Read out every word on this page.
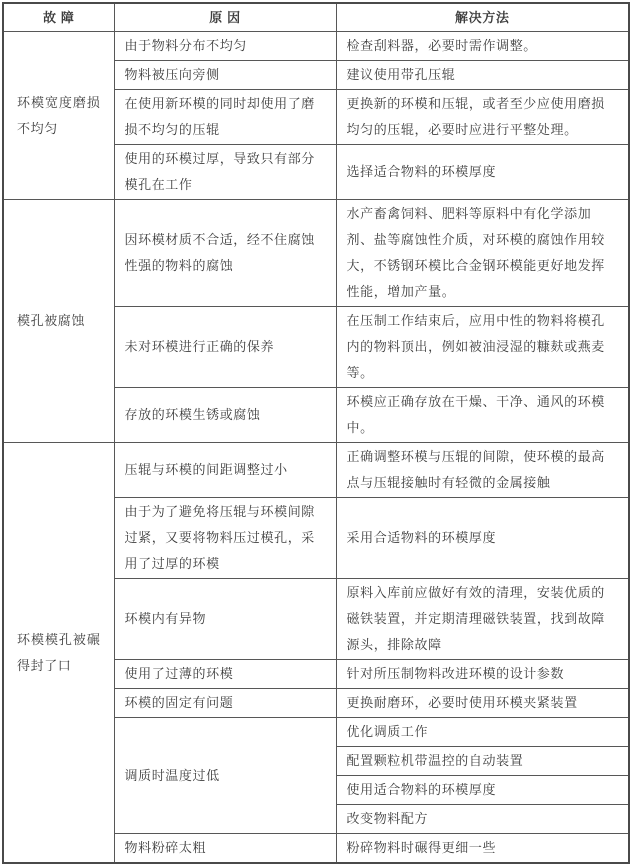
故 障	原 因	解决方法
环模宽度磨损不均匀	由于物料分布不均匀	检查刮料器，必要时需作调整。
	物料被压向旁侧	建议使用带孔压辊
	在使用新环模的同时却使用了磨损不均匀的压辊	更换新的环模和压辊，或者至少应使用磨损均匀的压辊，必要时应进行平整处理。
	使用的环模过厚，导致只有部分模孔在工作	选择适合物料的环模厚度
模孔被腐蚀	因环模材质不合适，经不住腐蚀性强的物料的腐蚀	水产畜禽饲料、肥料等原料中有化学添加剂、盐等腐蚀性介质，对环模的腐蚀作用较大，不锈钢环模比合金钢环模能更好地发挥性能，增加产量。
	未对环模进行正确的保养	在压制工作结束后，应用中性的物料将模孔内的物料顶出，例如被油浸湿的糠麸或燕麦等。
	存放的环模生锈或腐蚀	环模应正确存放在干燥、干净、通风的环模中。
环模模孔被碾得封了口	压辊与环模的间距调整过小	正确调整环模与压辊的间隙，使环模的最高点与压辊接触时有轻微的金属接触
	由于为了避免将压辊与环模间隙过紧，又要将物料压过模孔，采用了过厚的环模	采用合适物料的环模厚度
	环模内有异物	原料入库前应做好有效的清理，安装优质的磁铁装置，并定期清理磁铁装置，找到故障源头，排除故障
	使用了过薄的环模	针对所压制物料改进环模的设计参数
	环模的固定有问题	更换耐磨环，必要时使用环模夹紧装置
	调质时温度过低	优化调质工作
		配置颗粒机带温控的自动装置
		使用适合物料的环模厚度
		改变物料配方
	物料粉碎太粗	粉碎物料时碾得更细一些
